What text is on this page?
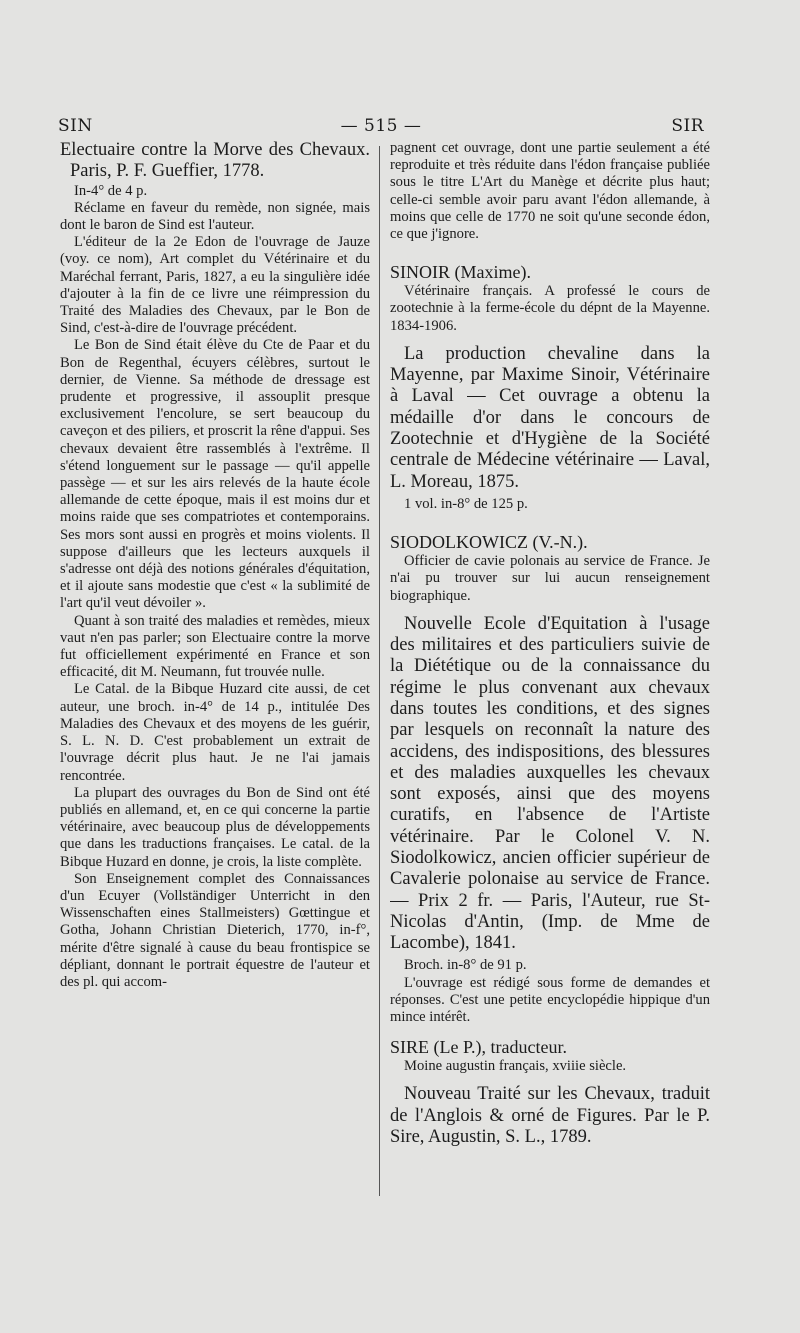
SIN	— 515 —	SIR

Electuaire contre la Morve des Chevaux. Paris, P. F. Gueffier, 1778.

In-4° de 4 p.

Réclame en faveur du remède, non signée, mais dont le baron de Sind est l'auteur.

L'éditeur de la 2e Edon de l'ouvrage de Jauze (voy. ce nom), Art complet du Vétérinaire et du Maréchal ferrant, Paris, 1827, a eu la singulière idée d'ajouter à la fin de ce livre une réimpression du Traité des Maladies des Chevaux, par le Bon de Sind, c'est-à-dire de l'ouvrage précédent.

Le Bon de Sind était élève du Cte de Paar et du Bon de Regenthal, écuyers célèbres, surtout le dernier, de Vienne. Sa méthode de dressage est prudente et progressive, il assouplit presque exclusivement l'encolure, se sert beaucoup du caveçon et des piliers, et proscrit la rêne d'appui. Ses chevaux devaient être rassemblés à l'extrême. Il s'étend longuement sur le passage — qu'il appelle passège — et sur les airs relevés de la haute école allemande de cette époque, mais il est moins dur et moins raide que ses compatriotes et contemporains. Ses mors sont aussi en progrès et moins violents. Il suppose d'ailleurs que les lecteurs auxquels il s'adresse ont déjà des notions générales d'équitation, et il ajoute sans modestie que c'est « la sublimité de l'art qu'il veut dévoiler ».

Quant à son traité des maladies et remèdes, mieux vaut n'en pas parler; son Electuaire contre la morve fut officiellement expérimenté en France et son efficacité, dit M. Neumann, fut trouvée nulle.

Le Catal. de la Bibque Huzard cite aussi, de cet auteur, une broch. in-4° de 14 p., intitulée Des Maladies des Chevaux et des moyens de les guérir, S. L. N. D. C'est probablement un extrait de l'ouvrage décrit plus haut. Je ne l'ai jamais rencontrée.

La plupart des ouvrages du Bon de Sind ont été publiés en allemand, et, en ce qui concerne la partie vétérinaire, avec beaucoup plus de développements que dans les traductions françaises. Le catal. de la Bibque Huzard en donne, je crois, la liste complète.

Son Enseignement complet des Connaissances d'un Ecuyer (Vollständiger Unterricht in den Wissenschaften eines Stallmeisters) Gœttingue et Gotha, Johann Christian Dieterich, 1770, in-f°, mérite d'être signalé à cause du beau frontispice se dépliant, donnant le portrait équestre de l'auteur et des pl. qui accom-

pagnent cet ouvrage, dont une partie seulement a été reproduite et très réduite dans l'édon française publiée sous le titre L'Art du Manège et décrite plus haut; celle-ci semble avoir paru avant l'édon allemande, à moins que celle de 1770 ne soit qu'une seconde édon, ce que j'ignore.

SINOIR (Maxime).

Vétérinaire français. A professé le cours de zootechnie à la ferme-école du dépnt de la Mayenne. 1834-1906.

La production chevaline dans la Mayenne, par Maxime Sinoir, Vétérinaire à Laval — Cet ouvrage a obtenu la médaille d'or dans le concours de Zootechnie et d'Hygiène de la Société centrale de Médecine vétérinaire — Laval, L. Moreau, 1875.

1 vol. in-8° de 125 p.

SIODOLKOWICZ (V.-N.).

Officier de cavie polonais au service de France. Je n'ai pu trouver sur lui aucun renseignement biographique.

Nouvelle Ecole d'Equitation à l'usage des militaires et des particuliers suivie de la Diététique ou de la connaissance du régime le plus convenant aux chevaux dans toutes les conditions, et des signes par lesquels on reconnaît la nature des accidens, des indispositions, des blessures et des maladies auxquelles les chevaux sont exposés, ainsi que des moyens curatifs, en l'absence de l'Artiste vétérinaire. Par le Colonel V. N. Siodolkowicz, ancien officier supérieur de Cavalerie polonaise au service de France. — Prix 2 fr. — Paris, l'Auteur, rue St-Nicolas d'Antin, (Imp. de Mme de Lacombe), 1841.

Broch. in-8° de 91 p.

L'ouvrage est rédigé sous forme de demandes et réponses. C'est une petite encyclopédie hippique d'un mince intérêt.

SIRE (Le P.), traducteur.

Moine augustin français, xviiie siècle.

Nouveau Traité sur les Chevaux, traduit de l'Anglois & orné de Figures. Par le P. Sire, Augustin, S. L., 1789.
